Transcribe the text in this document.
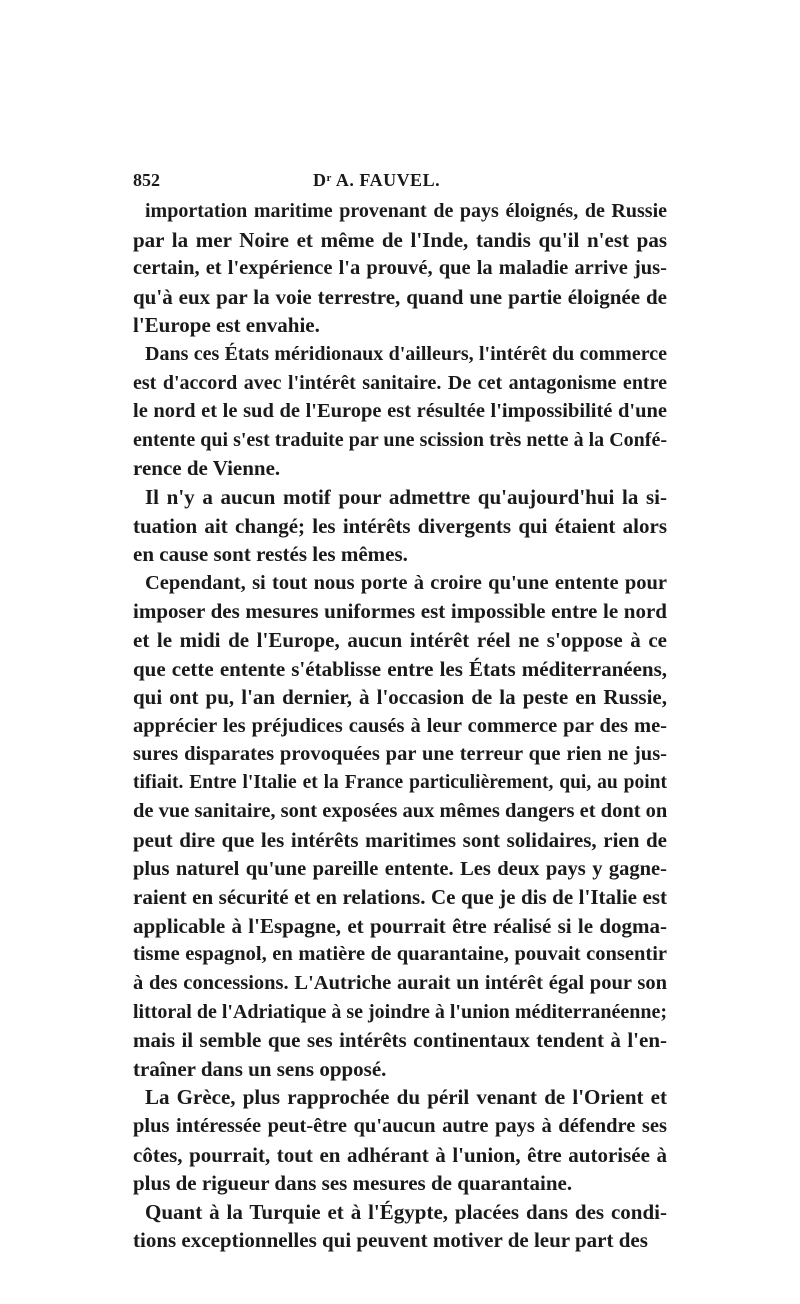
852	$D^r$ A. FAUVEL.
importation maritime provenant de pays éloignés, de Russie
par la mer Noire et même de l'Inde, tandis qu'il n'est pas
certain, et l'expérience l'a prouvé, que la maladie arrive jus-
qu'à eux par la voie terrestre, quand une partie éloignée de
l'Europe est envahie.
Dans ces États méridionaux d'ailleurs, l'intérêt du commerce
est d'accord avec l'intérêt sanitaire. De cet antagonisme entre
le nord et le sud de l'Europe est résultée l'impossibilité d'une
entente qui s'est traduite par une scission très nette à la Confé-
rence de Vienne.
Il n'y a aucun motif pour admettre qu'aujourd'hui la si-
tuation ait changé; les intérêts divergents qui étaient alors
en cause sont restés les mêmes.
Cependant, si tout nous porte à croire qu'une entente pour
imposer des mesures uniformes est impossible entre le nord
et le midi de l'Europe, aucun intérêt réel ne s'oppose à ce
que cette entente s'établisse entre les États méditerranéens,
qui ont pu, l'an dernier, à l'occasion de la peste en Russie,
apprécier les préjudices causés à leur commerce par des me-
sures disparates provoquées par une terreur que rien ne jus-
tifiait. Entre l'Italie et la France particulièrement, qui, au point
de vue sanitaire, sont exposées aux mêmes dangers et dont on
peut dire que les intérêts maritimes sont solidaires, rien de
plus naturel qu'une pareille entente. Les deux pays y gagne-
raient en sécurité et en relations. Ce que je dis de l'Italie est
applicable à l'Espagne, et pourrait être réalisé si le dogma-
tisme espagnol, en matière de quarantaine, pouvait consentir
à des concessions. L'Autriche aurait un intérêt égal pour son
littoral de l'Adriatique à se joindre à l'union méditerranéenne;
mais il semble que ses intérêts continentaux tendent à l'en-
traîner dans un sens opposé.
La Grèce, plus rapprochée du péril venant de l'Orient et
plus intéressée peut-être qu'aucun autre pays à défendre ses
côtes, pourrait, tout en adhérant à l'union, être autorisée à
plus de rigueur dans ses mesures de quarantaine.
Quant à la Turquie et à l'Égypte, placées dans des condi-
tions exceptionnelles qui peuvent motiver de leur part des
